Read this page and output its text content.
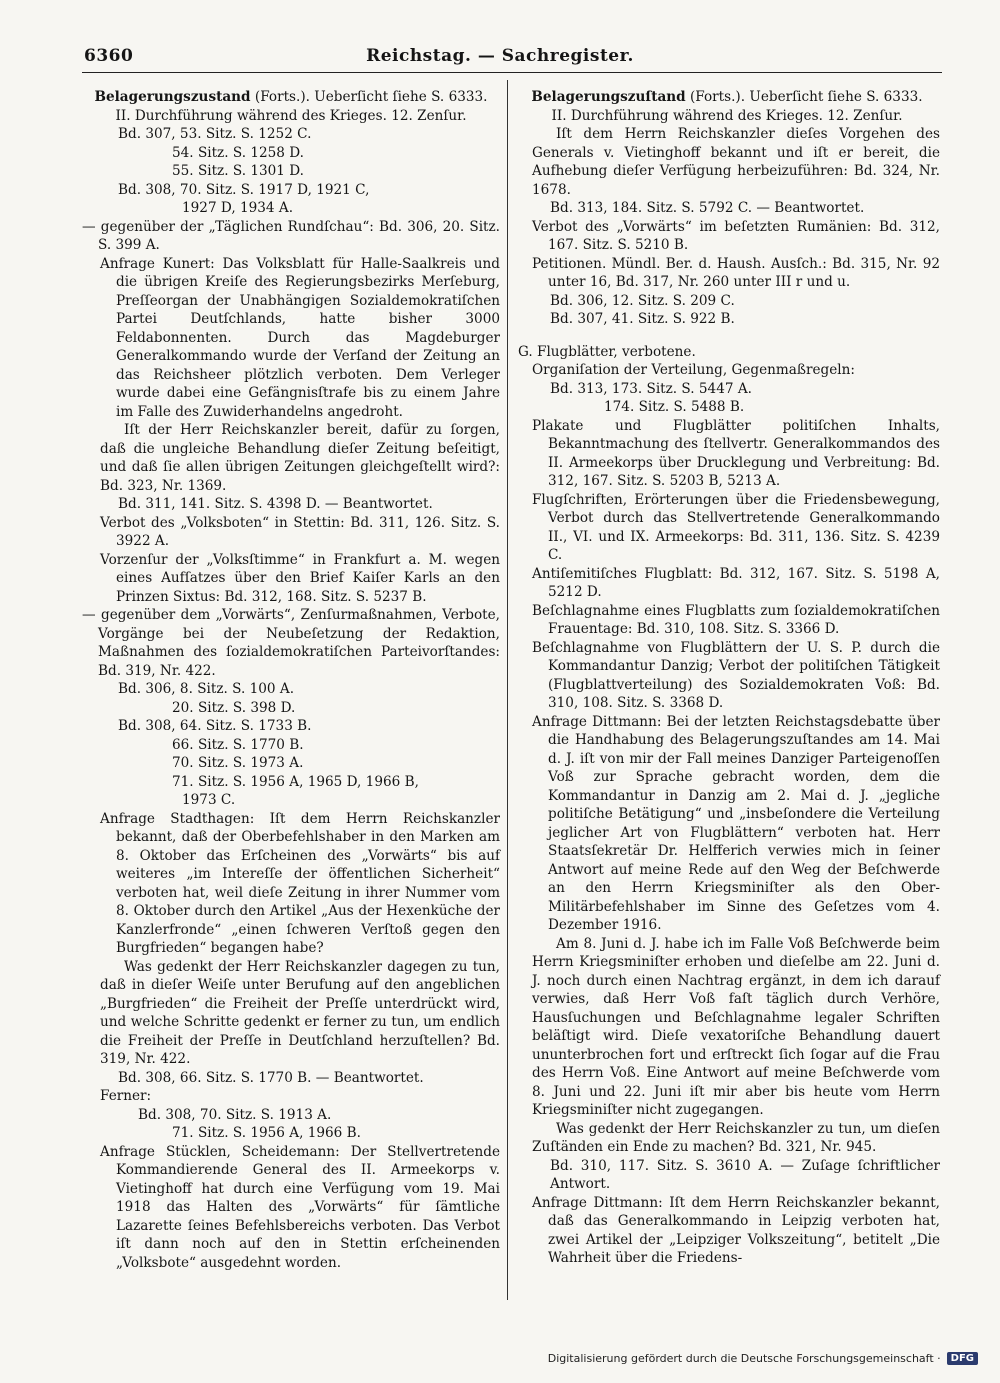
6360	Reichstag. — Sachregister.
Belagerungszustand (Forts.). Ueberſicht ſiehe S. 6333.
II. Durchführung während des Krieges. 12. Zenſur.

Bd. 307, 53. Sitz. S. 1252 C.

54. Sitz. S. 1258 D.

55. Sitz. S. 1301 D.

Bd. 308, 70. Sitz. S. 1917 D, 1921 C,

1927 D, 1934 A.

— gegenüber der „Täglichen Rundſchau“: Bd. 306, 20. Sitz. S. 399 A.

Anfrage Kunert: Das Volksblatt für Halle-Saalkreis und die übrigen Kreiſe des Regierungsbezirks Merſeburg, Preſſeorgan der Unabhängigen Sozialdemokratiſchen Partei Deutſchlands, hatte bisher 3000 Feldabonnenten. Durch das Magdeburger Generalkommando wurde der Verſand der Zeitung an das Reichsheer plötzlich verboten. Dem Verleger wurde dabei eine Gefängnisſtrafe bis zu einem Jahre im Falle des Zuwiderhandelns angedroht.

Iſt der Herr Reichskanzler bereit, dafür zu ſorgen, daß die ungleiche Behandlung dieſer Zeitung beſeitigt, und daß ſie allen übrigen Zeitungen gleichgeſtellt wird?: Bd. 323, Nr. 1369.

Bd. 311, 141. Sitz. S. 4398 D. — Beantwortet.

Verbot des „Volksboten“ in Stettin: Bd. 311, 126. Sitz. S. 3922 A.

Vorzenſur der „Volksſtimme“ in Frankfurt a. M. wegen eines Aufſatzes über den Brief Kaiſer Karls an den Prinzen Sixtus: Bd. 312, 168. Sitz. S. 5237 B.

— gegenüber dem „Vorwärts“, Zenſurmaßnahmen, Verbote, Vorgänge bei der Neubeſetzung der Redaktion, Maßnahmen des ſozialdemokratiſchen Parteivorſtandes: Bd. 319, Nr. 422.

Bd. 306, 8. Sitz. S. 100 A.

20. Sitz. S. 398 D.

Bd. 308, 64. Sitz. S. 1733 B.

66. Sitz. S. 1770 B.

70. Sitz. S. 1973 A.

71. Sitz. S. 1956 A, 1965 D, 1966 B,

1973 C.

Anfrage Stadthagen: Iſt dem Herrn Reichskanzler bekannt, daß der Oberbefehlshaber in den Marken am 8. Oktober das Erſcheinen des „Vorwärts“ bis auf weiteres „im Intereſſe der öffentlichen Sicherheit“ verboten hat, weil dieſe Zeitung in ihrer Nummer vom 8. Oktober durch den Artikel „Aus der Hexenküche der Kanzlerfronde“ „einen ſchweren Verſtoß gegen den Burgfrieden“ begangen habe?

Was gedenkt der Herr Reichskanzler dagegen zu tun, daß in dieſer Weiſe unter Berufung auf den angeblichen „Burgfrieden“ die Freiheit der Preſſe unterdrückt wird, und welche Schritte gedenkt er ferner zu tun, um endlich die Freiheit der Preſſe in Deutſchland herzuſtellen? Bd. 319, Nr. 422.

Bd. 308, 66. Sitz. S. 1770 B. — Beantwortet.

Ferner:

Bd. 308, 70. Sitz. S. 1913 A.

71. Sitz. S. 1956 A, 1966 B.

Anfrage Stücklen, Scheidemann: Der Stellvertretende Kommandierende General des II. Armeekorps v. Vietinghoff hat durch eine Verfügung vom 19. Mai 1918 das Halten des „Vorwärts“ für ſämtliche Lazarette ſeines Befehlsbereichs verboten. Das Verbot iſt dann noch auf den in Stettin erſcheinenden „Volksbote“ ausgedehnt worden.

Belagerungszuſtand (Forts.). Ueberſicht ſiehe S. 6333.
II. Durchführung während des Krieges. 12. Zenſur.

Iſt dem Herrn Reichskanzler dieſes Vorgehen des Generals v. Vietinghoff bekannt und iſt er bereit, die Aufhebung dieſer Verfügung herbeizuführen: Bd. 324, Nr. 1678.

Bd. 313, 184. Sitz. S. 5792 C. — Beantwortet.

Verbot des „Vorwärts“ im beſetzten Rumänien: Bd. 312, 167. Sitz. S. 5210 B.

Petitionen. Mündl. Ber. d. Haush. Ausſch.: Bd. 315, Nr. 92 unter 16, Bd. 317, Nr. 260 unter III r und u.

Bd. 306, 12. Sitz. S. 209 C.

Bd. 307, 41. Sitz. S. 922 B.

G. Flugblätter, verbotene.

Organiſation der Verteilung, Gegenmaßregeln:

Bd. 313, 173. Sitz. S. 5447 A.

174. Sitz. S. 5488 B.

Plakate und Flugblätter politiſchen Inhalts, Bekanntmachung des ſtellvertr. Generalkommandos des II. Armeekorps über Drucklegung und Verbreitung: Bd. 312, 167. Sitz. S. 5203 B, 5213 A.

Flugſchriften, Erörterungen über die Friedensbewegung, Verbot durch das Stellvertretende Generalkommando II., VI. und IX. Armeekorps: Bd. 311, 136. Sitz. S. 4239 C.

Antiſemitiſches Flugblatt: Bd. 312, 167. Sitz. S. 5198 A, 5212 D.

Beſchlagnahme eines Flugblatts zum ſozialdemokratiſchen Frauentage: Bd. 310, 108. Sitz. S. 3366 D.

Beſchlagnahme von Flugblättern der U. S. P. durch die Kommandantur Danzig; Verbot der politiſchen Tätigkeit (Flugblattverteilung) des Sozialdemokraten Voß: Bd. 310, 108. Sitz. S. 3368 D.

Anfrage Dittmann: Bei der letzten Reichstagsdebatte über die Handhabung des Belagerungszuſtandes am 14. Mai d. J. iſt von mir der Fall meines Danziger Parteigenoſſen Voß zur Sprache gebracht worden, dem die Kommandantur in Danzig am 2. Mai d. J. „jegliche politiſche Betätigung“ und „insbeſondere die Verteilung jeglicher Art von Flugblättern“ verboten hat. Herr Staatsſekretär Dr. Helfferich verwies mich in ſeiner Antwort auf meine Rede auf den Weg der Beſchwerde an den Herrn Kriegsminiſter als den Ober-Militärbefehlshaber im Sinne des Geſetzes vom 4. Dezember 1916.

Am 8. Juni d. J. habe ich im Falle Voß Beſchwerde beim Herrn Kriegsminiſter erhoben und dieſelbe am 22. Juni d. J. noch durch einen Nachtrag ergänzt, in dem ich darauf verwies, daß Herr Voß faſt täglich durch Verhöre, Hausſuchungen und Beſchlagnahme legaler Schriften beläſtigt wird. Dieſe vexatoriſche Behandlung dauert ununterbrochen fort und erſtreckt ſich ſogar auf die Frau des Herrn Voß. Eine Antwort auf meine Beſchwerde vom 8. Juni und 22. Juni iſt mir aber bis heute vom Herrn Kriegsminiſter nicht zugegangen.

Was gedenkt der Herr Reichskanzler zu tun, um dieſen Zuſtänden ein Ende zu machen? Bd. 321, Nr. 945.

Bd. 310, 117. Sitz. S. 3610 A. — Zuſage ſchriftlicher Antwort.

Anfrage Dittmann: Iſt dem Herrn Reichskanzler bekannt, daß das Generalkommando in Leipzig verboten hat, zwei Artikel der „Leipziger Volkszeitung“, betitelt „Die Wahrheit über die Friedens-

Digitalisierung gefördert durch die Deutsche Forschungsgemeinschaft ·	DFG
